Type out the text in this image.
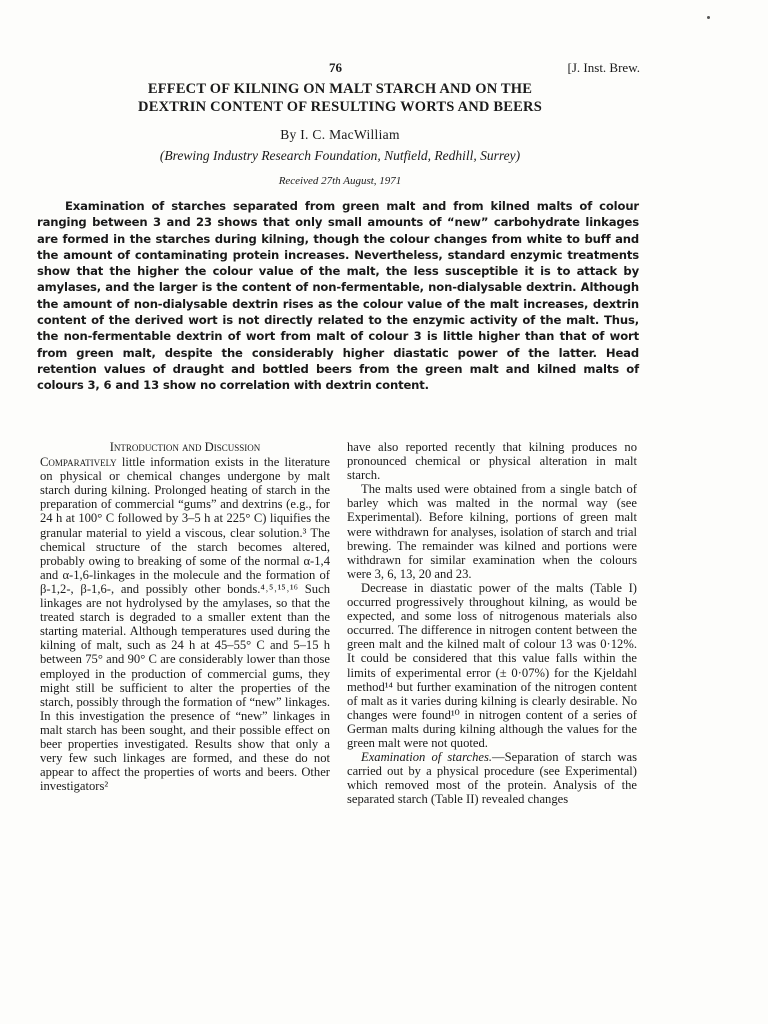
76	[J. Inst. Brew.
EFFECT OF KILNING ON MALT STARCH AND ON THE
DEXTRIN CONTENT OF RESULTING WORTS AND BEERS
By I. C. MacWilliam
(Brewing Industry Research Foundation, Nutfield, Redhill, Surrey)
Received 27th August, 1971
Examination of starches separated from green malt and from kilned malts of colour ranging between 3 and 23 shows that only small amounts of “new” carbohydrate linkages are formed in the starches during kilning, though the colour changes from white to buff and the amount of contaminating protein increases. Nevertheless, standard enzymic treatments show that the higher the colour value of the malt, the less susceptible it is to attack by amylases, and the larger is the content of non-fermentable, non-dialysable dextrin. Although the amount of non-dialysable dextrin rises as the colour value of the malt increases, dextrin content of the derived wort is not directly related to the enzymic activity of the malt. Thus, the non-fermentable dextrin of wort from malt of colour 3 is little higher than that of wort from green malt, despite the considerably higher diastatic power of the latter. Head retention values of draught and bottled beers from the green malt and kilned malts of colours 3, 6 and 13 show no correlation with dextrin content.
Introduction and Discussion

Comparatively little information exists in the literature on physical or chemical changes undergone by malt starch during kilning. Prolonged heating of starch in the preparation of commercial “gums” and dextrins (e.g., for 24 h at 100° C followed by 3–5 h at 225° C) liquifies the granular material to yield a viscous, clear solution.³ The chemical structure of the starch becomes altered, probably owing to breaking of some of the normal α-1,4 and α-1,6-linkages in the molecule and the formation of β-1,2-, β-1,6-, and possibly other bonds.⁴˒⁵˒¹⁵˒¹⁶ Such linkages are not hydrolysed by the amylases, so that the treated starch is degraded to a smaller extent than the starting material. Although temperatures used during the kilning of malt, such as 24 h at 45–55° C and 5–15 h between 75° and 90° C are considerably lower than those employed in the production of commercial gums, they might still be sufficient to alter the properties of the starch, possibly through the formation of “new” linkages. In this investigation the presence of “new” linkages in malt starch has been sought, and their possible effect on beer properties investigated. Results show that only a very few such linkages are formed, and these do not appear to affect the properties of worts and beers. Other investigators²

have also reported recently that kilning produces no pronounced chemical or physical alteration in malt starch.

The malts used were obtained from a single batch of barley which was malted in the normal way (see Experimental). Before kilning, portions of green malt were withdrawn for analyses, isolation of starch and trial brewing. The remainder was kilned and portions were withdrawn for similar examination when the colours were 3, 6, 13, 20 and 23.

Decrease in diastatic power of the malts (Table I) occurred progressively throughout kilning, as would be expected, and some loss of nitrogenous materials also occurred. The difference in nitrogen content between the green malt and the kilned malt of colour 13 was 0·12%. It could be considered that this value falls within the limits of experimental error (± 0·07%) for the Kjeldahl method¹⁴ but further examination of the nitrogen content of malt as it varies during kilning is clearly desirable. No changes were found¹⁰ in nitrogen content of a series of German malts during kilning although the values for the green malt were not quoted.

Examination of starches.—Separation of starch was carried out by a physical procedure (see Experimental) which removed most of the protein. Analysis of the separated starch (Table II) revealed changes
